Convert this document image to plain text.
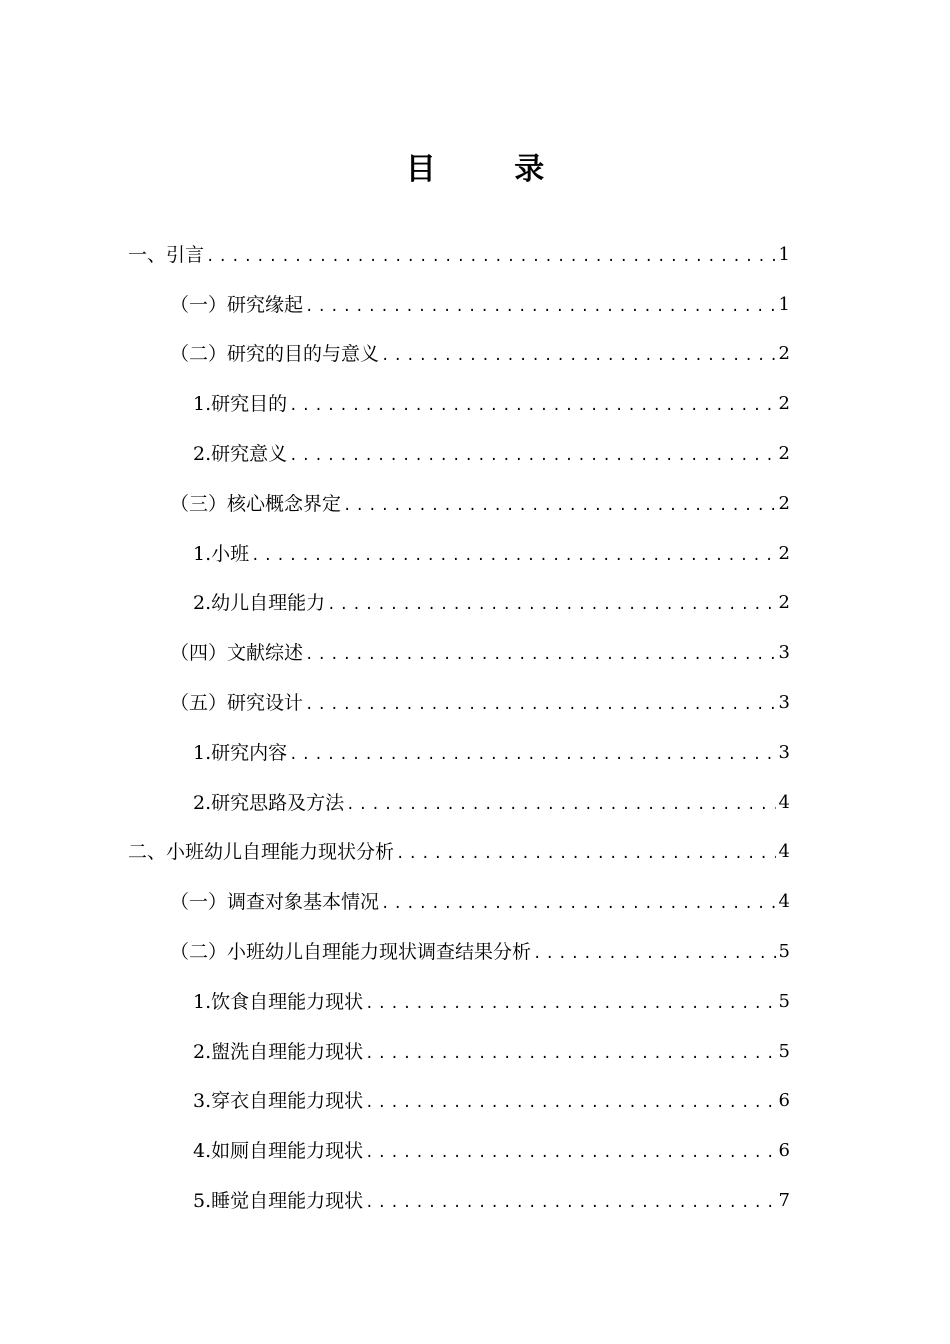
目 录
一、引言 .....	1
（一）研究缘起 .....	1
（二）研究的目的与意义 .....	2
1.研究目的 .....	2
2.研究意义 .....	2
（三）核心概念界定 .....	2
1.小班 .....	2
2.幼儿自理能力 .....	2
（四）文献综述 .....	3
（五）研究设计 .....	3
1.研究内容 .....	3
2.研究思路及方法 .....	4
二、小班幼儿自理能力现状分析 .....	4
（一）调查对象基本情况 .....	4
（二）小班幼儿自理能力现状调查结果分析 .....	5
1.饮食自理能力现状 .....	5
2.盥洗自理能力现状 .....	5
3.穿衣自理能力现状 .....	6
4.如厕自理能力现状 .....	6
5.睡觉自理能力现状 .....	7
